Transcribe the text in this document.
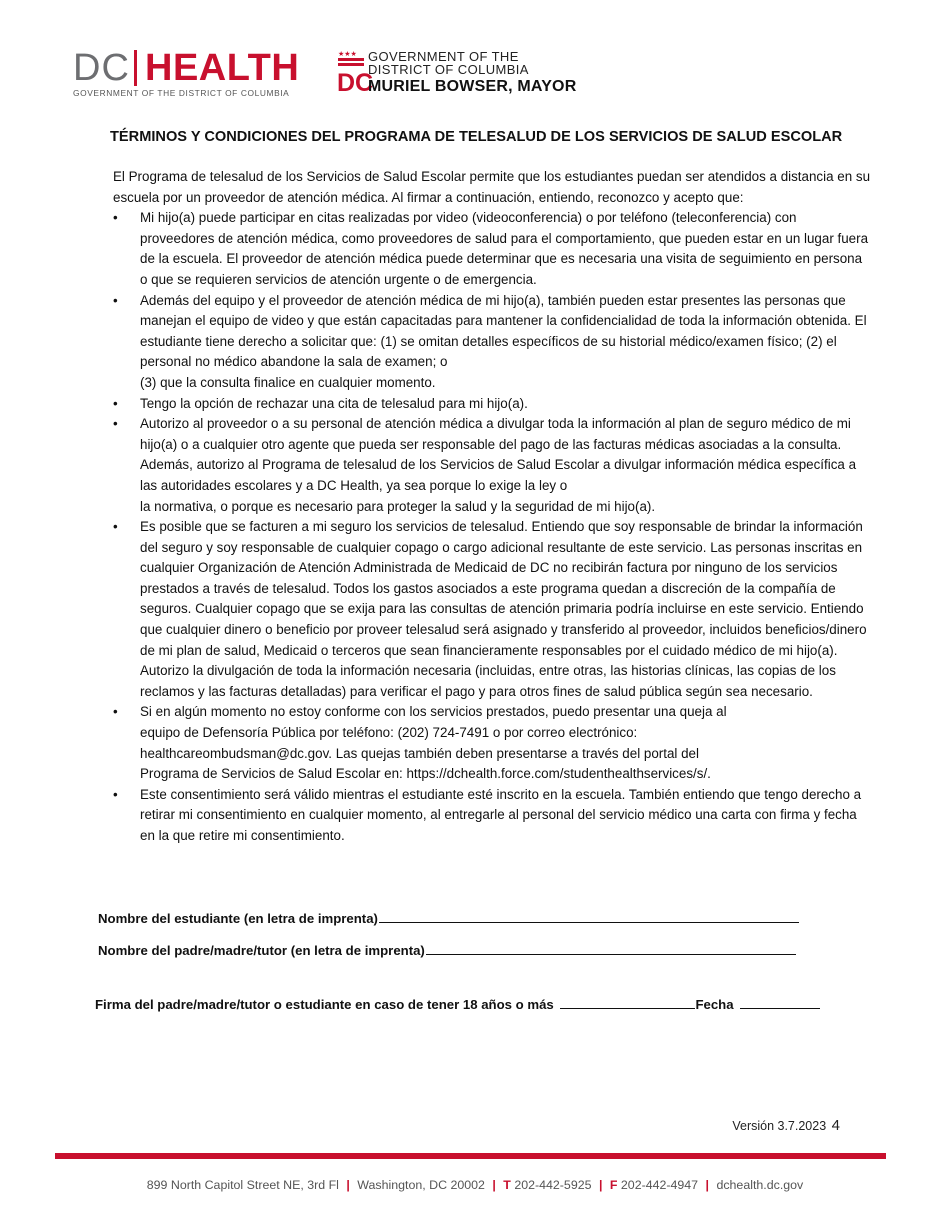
DC HEALTH
GOVERNMENT OF THE DISTRICT OF COLUMBIA
★★★
DC
GOVERNMENT OF THE
DISTRICT OF COLUMBIA
MURIEL BOWSER, MAYOR
TÉRMINOS Y CONDICIONES DEL PROGRAMA DE TELESALUD DE LOS SERVICIOS DE SALUD ESCOLAR

El Programa de telesalud de los Servicios de Salud Escolar permite que los estudiantes puedan ser atendidos a distancia en su escuela por un proveedor de atención médica. Al firmar a continuación, entiendo, reconozco y acepto que:

•	Mi hijo(a) puede participar en citas realizadas por video (videoconferencia) o por teléfono (teleconferencia) con proveedores de atención médica, como proveedores de salud para el comportamiento, que pueden estar en un lugar fuera de la escuela. El proveedor de atención médica puede determinar que es necesaria una visita de seguimiento en persona o que se requieren servicios de atención urgente o de emergencia.
•	Además del equipo y el proveedor de atención médica de mi hijo(a), también pueden estar presentes las personas que manejan el equipo de video y que están capacitadas para mantener la confidencialidad de toda la información obtenida. El estudiante tiene derecho a solicitar que: (1) se omitan detalles específicos de su historial médico/examen físico; (2) el personal no médico abandone la sala de examen; o
(3) que la consulta finalice en cualquier momento.
•	Tengo la opción de rechazar una cita de telesalud para mi hijo(a).
•	Autorizo al proveedor o a su personal de atención médica a divulgar toda la información al plan de seguro médico de mi hijo(a) o a cualquier otro agente que pueda ser responsable del pago de las facturas médicas asociadas a la consulta. Además, autorizo al Programa de telesalud de los Servicios de Salud Escolar a divulgar información médica específica a las autoridades escolares y a DC Health, ya sea porque lo exige la ley o
la normativa, o porque es necesario para proteger la salud y la seguridad de mi hijo(a).
•	Es posible que se facturen a mi seguro los servicios de telesalud. Entiendo que soy responsable de brindar la información del seguro y soy responsable de cualquier copago o cargo adicional resultante de este servicio. Las personas inscritas en cualquier Organización de Atención Administrada de Medicaid de DC no recibirán factura por ninguno de los servicios prestados a través de telesalud. Todos los gastos asociados a este programa quedan a discreción de la compañía de seguros. Cualquier copago que se exija para las consultas de atención primaria podría incluirse en este servicio. Entiendo que cualquier dinero o beneficio por proveer telesalud será asignado y transferido al proveedor, incluidos beneficios/dinero de mi plan de salud, Medicaid o terceros que sean financieramente responsables por el cuidado médico de mi hijo(a). Autorizo la divulgación de toda la información necesaria (incluidas, entre otras, las historias clínicas, las copias de los reclamos y las facturas detalladas) para verificar el pago y para otros fines de salud pública según sea necesario.
•	Si en algún momento no estoy conforme con los servicios prestados, puedo presentar una queja al
equipo de Defensoría Pública por teléfono: (202) 724-7491 o por correo electrónico:
healthcareombudsman@dc.gov. Las quejas también deben presentarse a través del portal del
Programa de Servicios de Salud Escolar en: https://dchealth.force.com/studenthealthservices/s/.
•	Este consentimiento será válido mientras el estudiante esté inscrito en la escuela. También entiendo que tengo derecho a retirar mi consentimiento en cualquier momento, al entregarle al personal del servicio médico una carta con firma y fecha en la que retire mi consentimiento.
Nombre del estudiante (en letra de imprenta)
Nombre del padre/madre/tutor (en letra de imprenta)
Firma del padre/madre/tutor o estudiante en caso de tener 18 años o más	Fecha
Versión 3.7.2023 4
899 North Capitol Street NE, 3rd Fl | Washington, DC 20002 | T 202-442-5925 | F 202-442-4947 | dchealth.dc.gov
